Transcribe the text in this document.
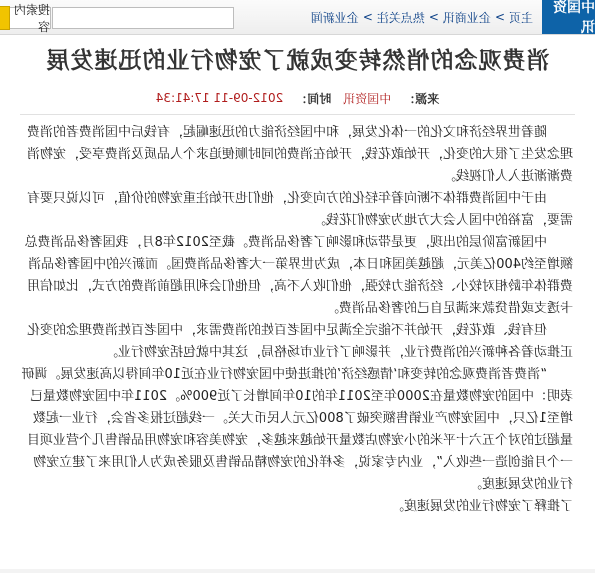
中国资讯
主页
>
企业商讯
>
热点关注
>
企业新闻
搜索内容
消费观念的悄然转变成就了宠物行业的迅速发展
来源：
中国资讯
时间：
2012-09-11 17:41:34

随着世界经济和文化的一体化发展，和中国经济能力的迅速崛起，有钱后中国消费者的消费理念发生了很大的变化，开始敢花钱，开始在消费的同时顺便追求个人品质及消费享受，宠物消费渐渐进入人们视线。

由于中国消费群体不断向着年轻化的方向变化，他们也开始注重宠物的价值，可以说只要有需要，富裕的中国人会大方地为宠物们花钱。

中国新富阶层的出现，更是带动和影响了奢侈品消费。截至2012年8月，我国奢侈品消费总额增至约400亿美元，超越美国和日本，成为世界第一大奢侈品消费国。而新兴的中国奢侈品消费群体年龄相对较小、经济能力较强，他们收入不高，但他们会利用超前消费的方式，比如信用卡透支或借贷款来满足自己的奢侈品消费。

但有钱、敢花钱，开始并不能完全满足中国老百姓的消费需求，中国老百姓消费理念的变化正推动着各种新兴的消费行业，并影响了行业市场格局，这其中就包括宠物行业。

“消费者消费观念的转变和‘情感经济’的推进使中国宠物行业在近10年间得以高速发展。调研表明：中国的宠物数量在2000年至2011年的10年间增长了近900%。2011年中国宠物数量已增至1亿只，中国宠物产业销售额突破了800亿元人民币大关。一线超过报多省会，行业一起数量超过的对个五六十平米的小宠物店数量开始越来越多，宠物美容和宠物用品销售几个营业项目一个月能创造一些收入”，业内专家说，多样化的宠物精品销售及服务成为人们用来了建立宠物行业的发展速度。

了推释了宠物行业的发展速度。
